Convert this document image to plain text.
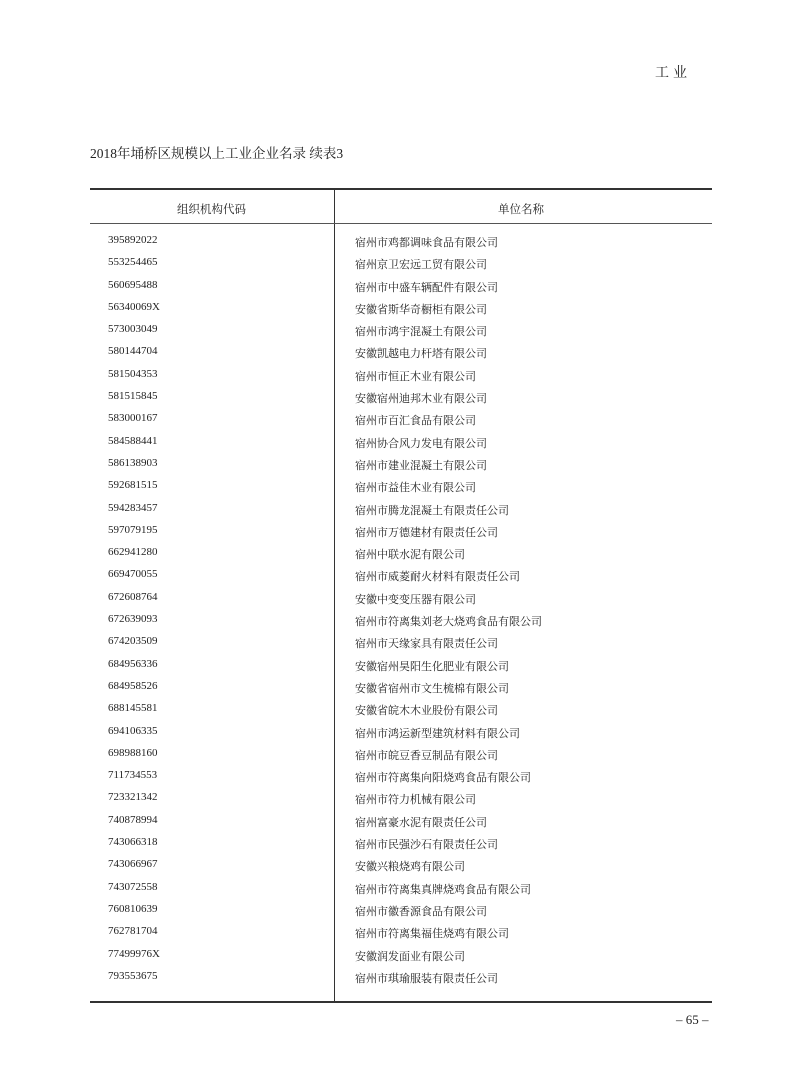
工业
2018年埇桥区规模以上工业企业名录 续表3
组织机构代码	单位名称
395892022	宿州市鸡都调味食品有限公司
553254465	宿州京卫宏远工贸有限公司
560695488	宿州市中盛车辆配件有限公司
56340069X	安徽省斯华奇橱柜有限公司
573003049	宿州市鸿宇混凝土有限公司
580144704	安徽凯越电力杆塔有限公司
581504353	宿州市恒正木业有限公司
581515845	安徽宿州迪邦木业有限公司
583000167	宿州市百汇食品有限公司
584588441	宿州协合风力发电有限公司
586138903	宿州市建业混凝土有限公司
592681515	宿州市益佳木业有限公司
594283457	宿州市腾龙混凝土有限责任公司
597079195	宿州市万德建材有限责任公司
662941280	宿州中联水泥有限公司
669470055	宿州市威菱耐火材料有限责任公司
672608764	安徽中变变压器有限公司
672639093	宿州市符离集刘老大烧鸡食品有限公司
674203509	宿州市天缘家具有限责任公司
684956336	安徽宿州昊阳生化肥业有限公司
684958526	安徽省宿州市文生梳棉有限公司
688145581	安徽省皖木木业股份有限公司
694106335	宿州市鸿运新型建筑材料有限公司
698988160	宿州市皖豆香豆制品有限公司
711734553	宿州市符离集向阳烧鸡食品有限公司
723321342	宿州市符力机械有限公司
740878994	宿州富豪水泥有限责任公司
743066318	宿州市民强沙石有限责任公司
743066967	安徽兴粮烧鸡有限公司
743072558	宿州市符离集真牌烧鸡食品有限公司
760810639	宿州市徽香源食品有限公司
762781704	宿州市符离集福佳烧鸡有限公司
77499976X	安徽润发面业有限公司
793553675	宿州市琪瑜服装有限责任公司
– 65 –
